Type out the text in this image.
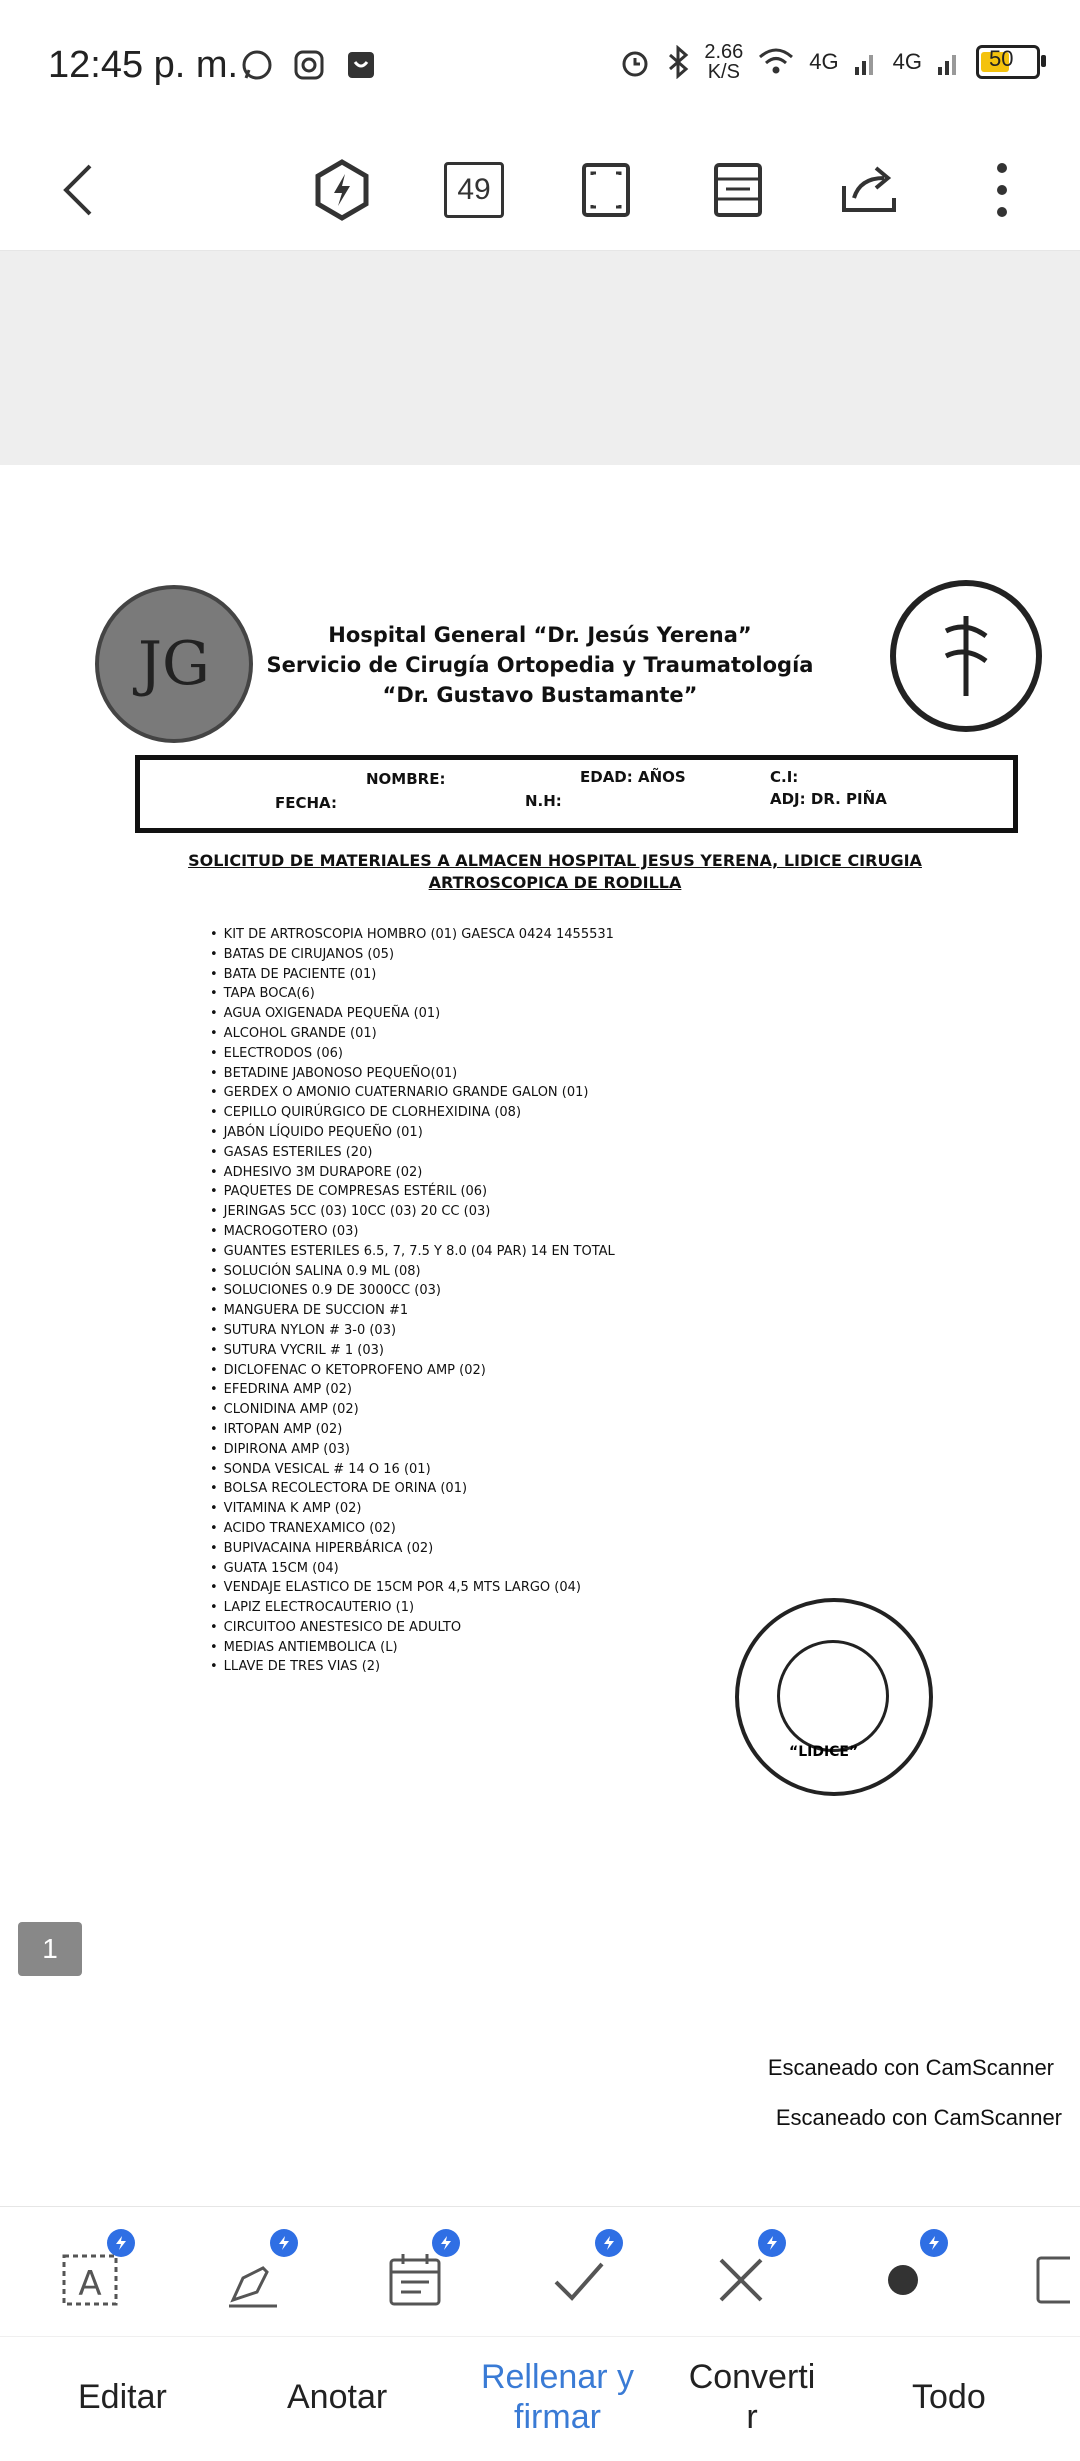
12:45 p. m.	2.66
K/S	4G 4G	50
49
JG	Hospital General “Dr. Jesús Yerena”
Servicio de Cirugía Ortopedia y Traumatología
“Dr. Gustavo Bustamante”
NOMBRE:	EDAD: AÑOS	C.I:
FECHA:	N.H:	ADJ: DR. PIÑA
SOLICITUD DE MATERIALES A ALMACEN HOSPITAL JESUS YERENA, LIDICE CIRUGIA ARTROSCOPICA DE RODILLA
• KIT DE ARTROSCOPIA HOMBRO (01) GAESCA 0424 1455531
• BATAS DE CIRUJANOS (05)
• BATA DE PACIENTE (01)
• TAPA BOCA(6)
• AGUA OXIGENADA PEQUEÑA (01)
• ALCOHOL GRANDE (01)
• ELECTRODOS (06)
• BETADINE JABONOSO PEQUEÑO(01)
• GERDEX O AMONIO CUATERNARIO GRANDE GALON (01)
• CEPILLO QUIRÚRGICO DE CLORHEXIDINA (08)
• JABÓN LÍQUIDO PEQUEÑO (01)
• GASAS ESTERILES (20)
• ADHESIVO 3M DURAPORE (02)
• PAQUETES DE COMPRESAS ESTÉRIL (06)
• JERINGAS 5CC (03) 10CC (03) 20 CC (03)
• MACROGOTERO (03)
• GUANTES ESTERILES 6.5, 7, 7.5 Y 8.0 (04 PAR) 14 EN TOTAL
• SOLUCIÓN SALINA 0.9 ML (08)
• SOLUCIONES 0.9 DE 3000CC (03)
• MANGUERA DE SUCCION #1
• SUTURA NYLON # 3-0 (03)
• SUTURA VYCRIL # 1 (03)
• DICLOFENAC O KETOPROFENO AMP (02)
• EFEDRINA AMP (02)
• CLONIDINA AMP (02)
• IRTOPAN AMP (02)
• DIPIRONA AMP (03)
• SONDA VESICAL # 14 O 16 (01)
• BOLSA RECOLECTORA DE ORINA (01)
• VITAMINA K AMP (02)
• ACIDO TRANEXAMICO (02)
• BUPIVACAINA HIPERBÁRICA (02)
• GUATA 15CM (04)
• VENDAJE ELASTICO DE 15CM POR 4,5 MTS LARGO (04)
• LAPIZ ELECTROCAUTERIO (1)
• CIRCUITOO ANESTESICO DE ADULTO
• MEDIAS ANTIEMBOLICA (L)
• LLAVE DE TRES VIAS (2)
“LIDICE”
Escaneado con CamScanner
Escaneado con CamScanner
1
A
Editar	Anotar
Rellenar y firmar
Converti r
Todo
